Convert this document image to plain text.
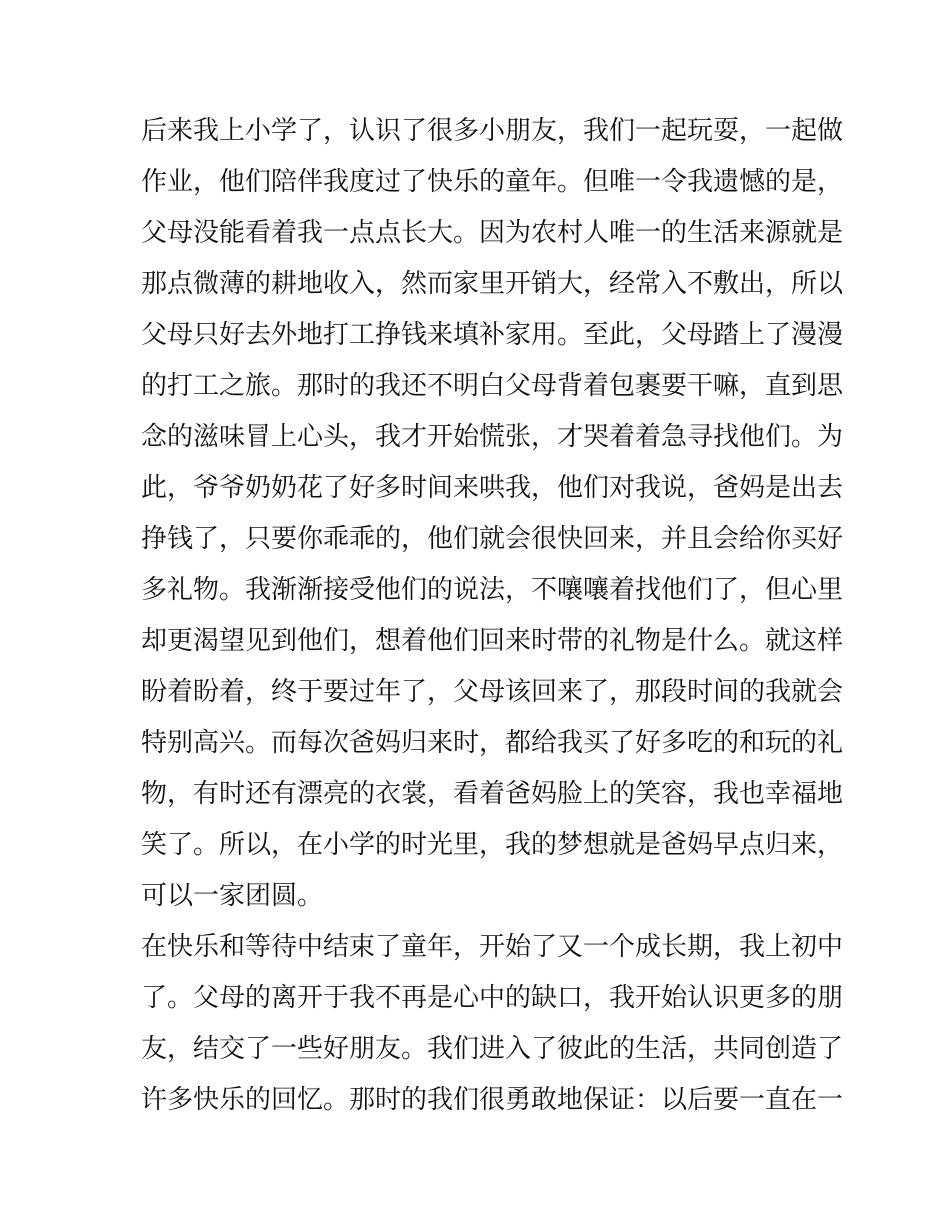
后来我上小学了，认识了很多小朋友，我们一起玩耍，一起做
作业，他们陪伴我度过了快乐的童年。但唯一令我遗憾的是，
父母没能看着我一点点长大。因为农村人唯一的生活来源就是
那点微薄的耕地收入，然而家里开销大，经常入不敷出，所以
父母只好去外地打工挣钱来填补家用。至此，父母踏上了漫漫
的打工之旅。那时的我还不明白父母背着包裹要干嘛，直到思
念的滋味冒上心头，我才开始慌张，才哭着着急寻找他们。为
此，爷爷奶奶花了好多时间来哄我，他们对我说，爸妈是出去
挣钱了，只要你乖乖的，他们就会很快回来，并且会给你买好
多礼物。我渐渐接受他们的说法，不嚷嚷着找他们了，但心里
却更渴望见到他们，想着他们回来时带的礼物是什么。就这样
盼着盼着，终于要过年了，父母该回来了，那段时间的我就会
特别高兴。而每次爸妈归来时，都给我买了好多吃的和玩的礼
物，有时还有漂亮的衣裳，看着爸妈脸上的笑容，我也幸福地
笑了。所以，在小学的时光里，我的梦想就是爸妈早点归来，
可以一家团圆。
在快乐和等待中结束了童年，开始了又一个成长期，我上初中
了。父母的离开于我不再是心中的缺口，我开始认识更多的朋
友，结交了一些好朋友。我们进入了彼此的生活，共同创造了
许多快乐的回忆。那时的我们很勇敢地保证：以后要一直在一
